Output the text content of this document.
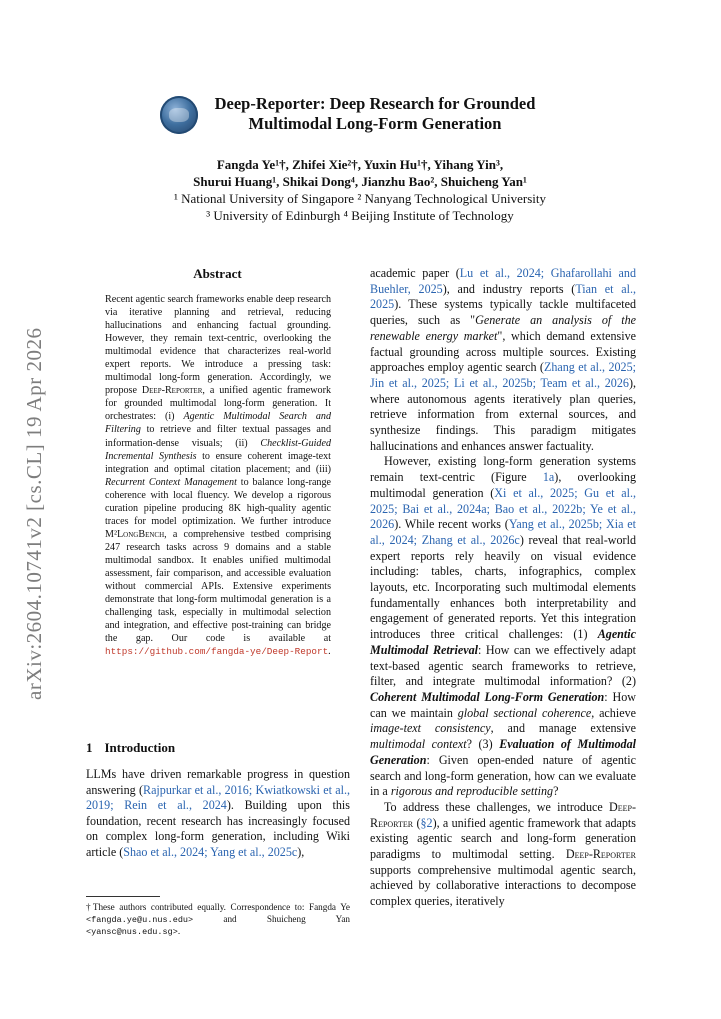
arXiv:2604.10741v2 [cs.CL] 19 Apr 2026
Deep-Reporter: Deep Research for Grounded
Multimodal Long-Form Generation
Fangda Ye¹†, Zhifei Xie²†, Yuxin Hu¹†, Yihang Yin³,
Shurui Huang¹, Shikai Dong⁴, Jianzhu Bao², Shuicheng Yan¹
¹ National University of Singapore ² Nanyang Technological University
³ University of Edinburgh ⁴ Beijing Institute of Technology
Abstract
Recent agentic search frameworks enable deep research via iterative planning and retrieval, reducing hallucinations and enhancing factual grounding. However, they remain text-centric, overlooking the multimodal evidence that characterizes real-world expert reports. We introduce a pressing task: multimodal long-form generation. Accordingly, we propose Deep-Reporter, a unified agentic framework for grounded multimodal long-form generation. It orchestrates: (i) Agentic Multimodal Search and Filtering to retrieve and filter textual passages and information-dense visuals; (ii) Checklist-Guided Incremental Synthesis to ensure coherent image-text integration and optimal citation placement; and (iii) Recurrent Context Management to balance long-range coherence with local fluency. We develop a rigorous curation pipeline producing 8K high-quality agentic traces for model optimization. We further introduce M²LongBench, a comprehensive testbed comprising 247 research tasks across 9 domains and a stable multimodal sandbox. It enables unified multimodal assessment, fair comparison, and accessible evaluation without commercial APIs. Extensive experiments demonstrate that long-form multimodal generation is a challenging task, especially in multimodal selection and integration, and effective post-training can bridge the gap. Our code is available at https://github.com/fangda-ye/Deep-Report.
1 Introduction
LLMs have driven remarkable progress in question answering (Rajpurkar et al., 2016; Kwiatkowski et al., 2019; Rein et al., 2024). Building upon this foundation, recent research has increasingly focused on complex long-form generation, including Wiki article (Shao et al., 2024; Yang et al., 2025c),
†These authors contributed equally. Correspondence to: Fangda Ye <fangda.ye@u.nus.edu> and Shuicheng Yan <yansc@nus.edu.sg>.

academic paper (Lu et al., 2024; Ghafarollahi and Buehler, 2025), and industry reports (Tian et al., 2025). These systems typically tackle multifaceted queries, such as "Generate an analysis of the renewable energy market", which demand extensive factual grounding across multiple sources. Existing approaches employ agentic search (Zhang et al., 2025; Jin et al., 2025; Li et al., 2025b; Team et al., 2026), where autonomous agents iteratively plan queries, retrieve information from external sources, and synthesize findings. This paradigm mitigates hallucinations and enhances answer factuality.

However, existing long-form generation systems remain text-centric (Figure 1a), overlooking multimodal generation (Xi et al., 2025; Gu et al., 2025; Bai et al., 2024a; Bao et al., 2022b; Ye et al., 2026). While recent works (Yang et al., 2025b; Xia et al., 2024; Zhang et al., 2026c) reveal that real-world expert reports rely heavily on visual evidence including: tables, charts, infographics, complex layouts, etc. Incorporating such multimodal elements fundamentally enhances both interpretability and engagement of generated reports. Yet this integration introduces three critical challenges: (1) Agentic Multimodal Retrieval: How can we effectively adapt text-based agentic search frameworks to retrieve, filter, and integrate multimodal information? (2) Coherent Multimodal Long-Form Generation: How can we maintain global sectional coherence, achieve image-text consistency, and manage extensive multimodal context? (3) Evaluation of Multimodal Generation: Given open-ended nature of agentic search and long-form generation, how can we evaluate in a rigorous and reproducible setting?

To address these challenges, we introduce Deep-Reporter (§2), a unified agentic framework that adapts existing agentic search and long-form generation paradigms to multimodal setting. Deep-Reporter supports comprehensive multimodal agentic search, achieved by collaborative interactions to decompose complex queries, iteratively
